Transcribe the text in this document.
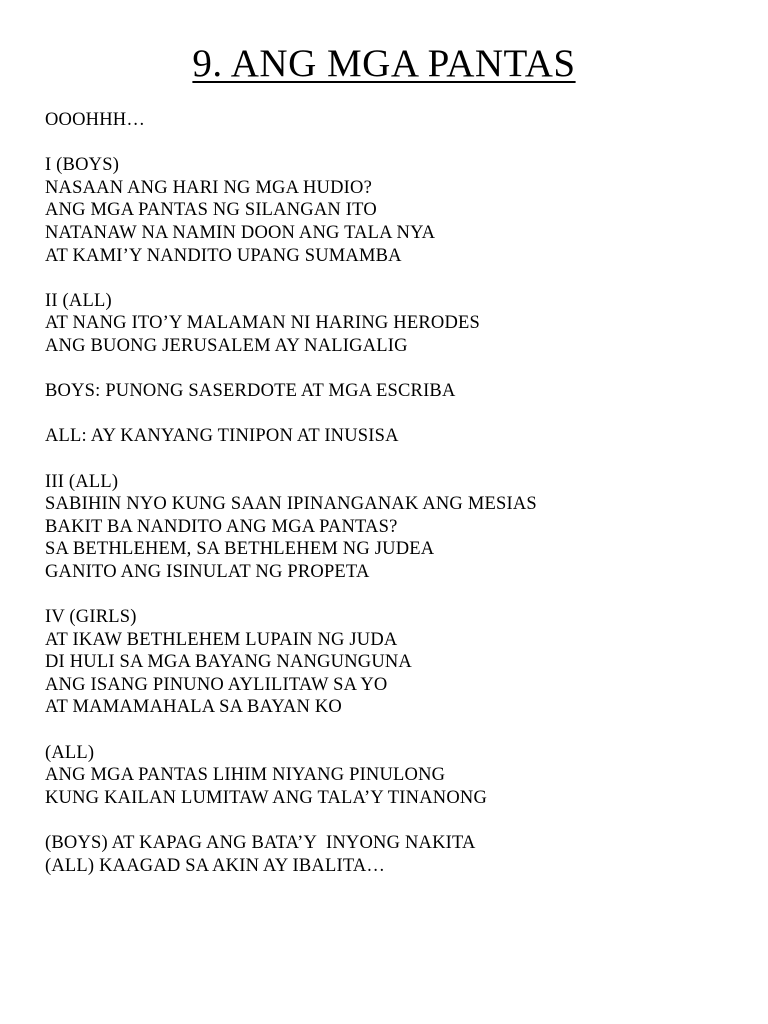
9. ANG MGA PANTAS
OOOHHH…
I (BOYS)
NASAAN ANG HARI NG MGA HUDIO?
ANG MGA PANTAS NG SILANGAN ITO
NATANAW NA NAMIN DOON ANG TALA NYA
AT KAMI’Y NANDITO UPANG SUMAMBA
II (ALL)
AT NANG ITO’Y MALAMAN NI HARING HERODES
ANG BUONG JERUSALEM AY NALIGALIG
BOYS: PUNONG SASERDOTE AT MGA ESCRIBA
ALL: AY KANYANG TINIPON AT INUSISA
III (ALL)
SABIHIN NYO KUNG SAAN IPINANGANAK ANG MESIAS
BAKIT BA NANDITO ANG MGA PANTAS?
SA BETHLEHEM, SA BETHLEHEM NG JUDEA
GANITO ANG ISINULAT NG PROPETA
IV (GIRLS)
AT IKAW BETHLEHEM LUPAIN NG JUDA
DI HULI SA MGA BAYANG NANGUNGUNA
ANG ISANG PINUNO AYLILITAW SA YO
AT MAMAMAHALA SA BAYAN KO
(ALL)
ANG MGA PANTAS LIHIM NIYANG PINULONG
KUNG KAILAN LUMITAW ANG TALA’Y TINANONG
(BOYS) AT KAPAG ANG BATA’Y  INYONG NAKITA
(ALL) KAAGAD SA AKIN AY IBALITA…
